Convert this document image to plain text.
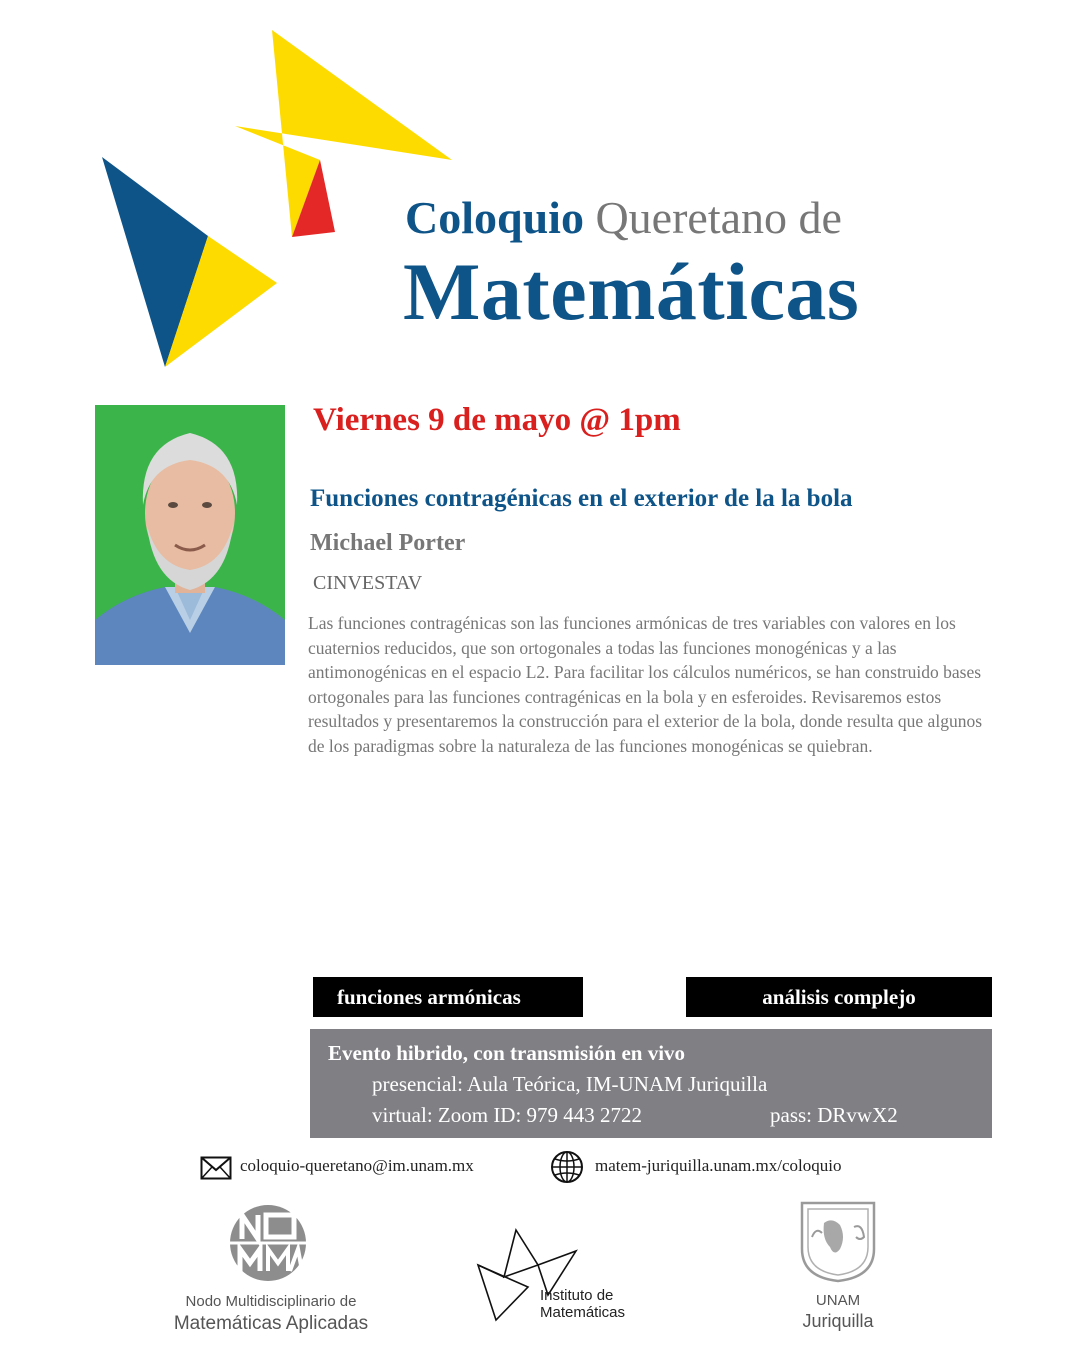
Coloquio Queretano de
Matemáticas
Viernes 9 de mayo @ 1pm
Funciones contragénicas en el exterior de la la bola
Michael Porter
CINVESTAV
Las funciones contragénicas son las funciones armónicas de tres variables con valores en los cuaternios reducidos, que son ortogonales a todas las funciones monogénicas y a las antimonogénicas en el espacio L2. Para facilitar los cálculos numéricos, se han construido bases ortogonales para las funciones contragénicas en la bola y en esferoides. Revisaremos estos resultados y presentaremos la construcción para el exterior de la bola, donde resulta que algunos de los paradigmas sobre la naturaleza de las funciones monogénicas se quiebran.
funciones armónicas	análisis complejo
Evento hibrido, con transmisión en vivo
presencial: Aula Teórica, IM-UNAM Juriquilla
virtual: Zoom ID: 979 443 2722	pass: DRvwX2
coloquio-queretano@im.unam.mx	matem-juriquilla.unam.mx/coloquio
Nodo Multidisciplinario de
Matemáticas Aplicadas
Instituto de
Matemáticas
UNAM
Juriquilla
